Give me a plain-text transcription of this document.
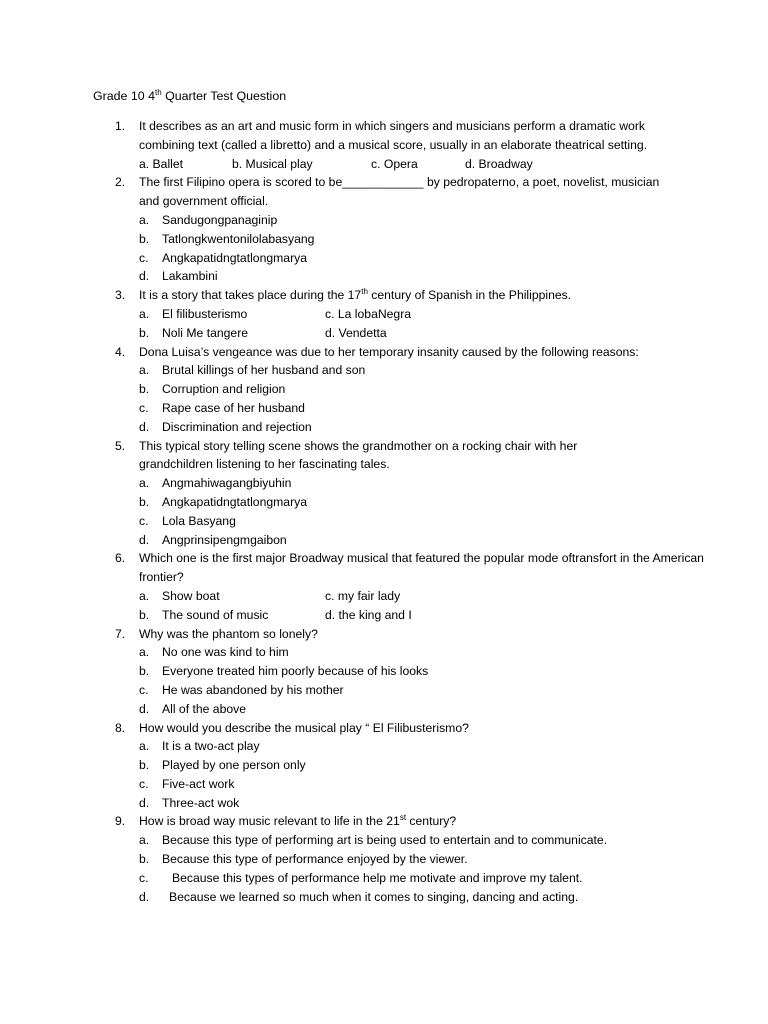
Grade 10 4th Quarter Test Question
1.	It describes as an art and music form in which singers and musicians perform a dramatic work combining text (called a libretto) and a musical score, usually in an elaborate theatrical setting.
a. Ballet	b. Musical play	c. Opera	d. Broadway
2.	The first Filipino opera is scored to be____________ by pedropaterno, a poet, novelist, musician and government official.
a. Sandugongpanaginip
b. Tatlongkwentonilolabasyang
c. Angkapatidngtatlongmarya
d. Lakambini
3.	It is a story that takes place during the 17th century of Spanish in the Philippines.
a. El filibusterismo	c. La lobaNegra
b. Noli Me tangere	d. Vendetta
4.	Dona Luisa’s vengeance was due to her temporary insanity caused by the following reasons:
a. Brutal killings of her husband and son
b. Corruption and religion
c. Rape case of her husband
d. Discrimination and rejection
5.	This typical story telling scene shows the grandmother on a rocking chair with her grandchildren listening to her fascinating tales.
a. Angmahiwagangbiyuhin
b. Angkapatidngtatlongmarya
c. Lola Basyang
d. Angprinsipengmgaibon
6.	Which one is the first major Broadway musical that featured the popular mode oftransfort in the American frontier?
a. Show boat	c. my fair lady
b. The sound of music	d. the king and I
7.	Why was the phantom so lonely?
a. No one was kind to him
b. Everyone treated him poorly because of his looks
c. He was abandoned by his mother
d. All of the above
8.	How would you describe the musical play “ El Filibusterismo?
a. It is a two-act play
b. Played by one person only
c. Five-act work
d. Three-act wok
9.	How is broad way music relevant to life in the 21st century?
a. Because this type of performing art is being used to entertain and to communicate.
b. Because this type of performance enjoyed by the viewer.
c. Because this types of performance help me motivate and improve my talent.
d. Because we learned so much when it comes to singing, dancing and acting.
